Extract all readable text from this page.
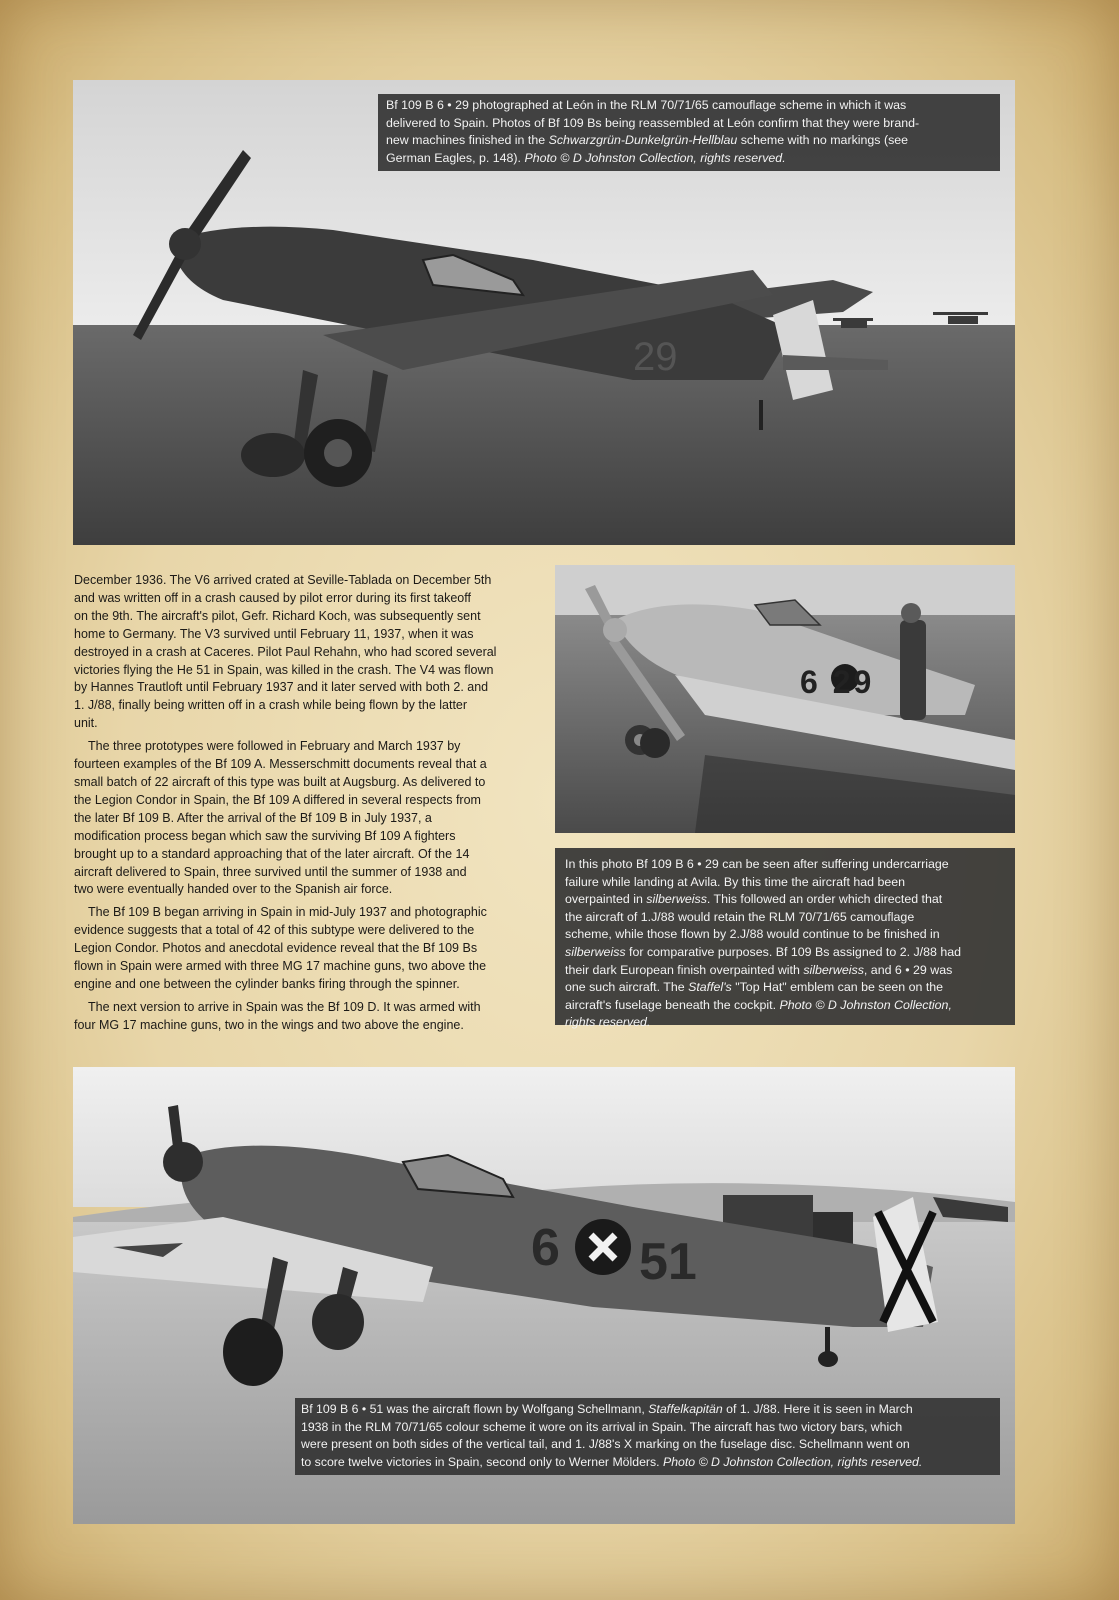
29
Bf 109 B 6 • 29 photographed at León in the RLM 70/71/65 camouflage scheme in which it was
delivered to Spain. Photos of Bf 109 Bs being reassembled at León confirm that they were brand-
new machines finished in the Schwarzgrün-Dunkelgrün-Hellblau scheme with no markings (see
German Eagles, p. 148). Photo © D Johnston Collection, rights reserved.

December 1936. The V6 arrived crated at Seville-Tablada on December 5th
and was written off in a crash caused by pilot error during its first takeoff
on the 9th. The aircraft's pilot, Gefr. Richard Koch, was subsequently sent
home to Germany. The V3 survived until February 11, 1937, when it was
destroyed in a crash at Caceres. Pilot Paul Rehahn, who had scored several
victories flying the He 51 in Spain, was killed in the crash. The V4 was flown
by Hannes Trautloft until February 1937 and it later served with both 2. and
1. J/88, finally being written off in a crash while being flown by the latter
unit.

The three prototypes were followed in February and March 1937 by
fourteen examples of the Bf 109 A. Messerschmitt documents reveal that a
small batch of 22 aircraft of this type was built at Augsburg. As delivered to
the Legion Condor in Spain, the Bf 109 A differed in several respects from
the later Bf 109 B. After the arrival of the Bf 109 B in July 1937, a
modification process began which saw the surviving Bf 109 A fighters
brought up to a standard approaching that of the later aircraft. Of the 14
aircraft delivered to Spain, three survived until the summer of 1938 and
two were eventually handed over to the Spanish air force.

The Bf 109 B began arriving in Spain in mid-July 1937 and photographic
evidence suggests that a total of 42 of this subtype were delivered to the
Legion Condor. Photos and anecdotal evidence reveal that the Bf 109 Bs
flown in Spain were armed with three MG 17 machine guns, two above the
engine and one between the cylinder banks firing through the spinner.

The next version to arrive in Spain was the Bf 109 D. It was armed with
four MG 17 machine guns, two in the wings and two above the engine.

6 29
In this photo Bf 109 B 6 • 29 can be seen after suffering undercarriage
failure while landing at Avila. By this time the aircraft had been
overpainted in silberweiss. This followed an order which directed that
the aircraft of 1.J/88 would retain the RLM 70/71/65 camouflage
scheme, while those flown by 2.J/88 would continue to be finished in
silberweiss for comparative purposes. Bf 109 Bs assigned to 2. J/88 had
their dark European finish overpainted with silberweiss, and 6 • 29 was
one such aircraft. The Staffel's "Top Hat" emblem can be seen on the
aircraft's fuselage beneath the cockpit. Photo © D Johnston Collection,
rights reserved.
6 51
Bf 109 B 6 • 51 was the aircraft flown by Wolfgang Schellmann, Staffelkapitän of 1. J/88. Here it is seen in March
1938 in the RLM 70/71/65 colour scheme it wore on its arrival in Spain. The aircraft has two victory bars, which
were present on both sides of the vertical tail, and 1. J/88's X marking on the fuselage disc. Schellmann went on
to score twelve victories in Spain, second only to Werner Mölders. Photo © D Johnston Collection, rights reserved.
